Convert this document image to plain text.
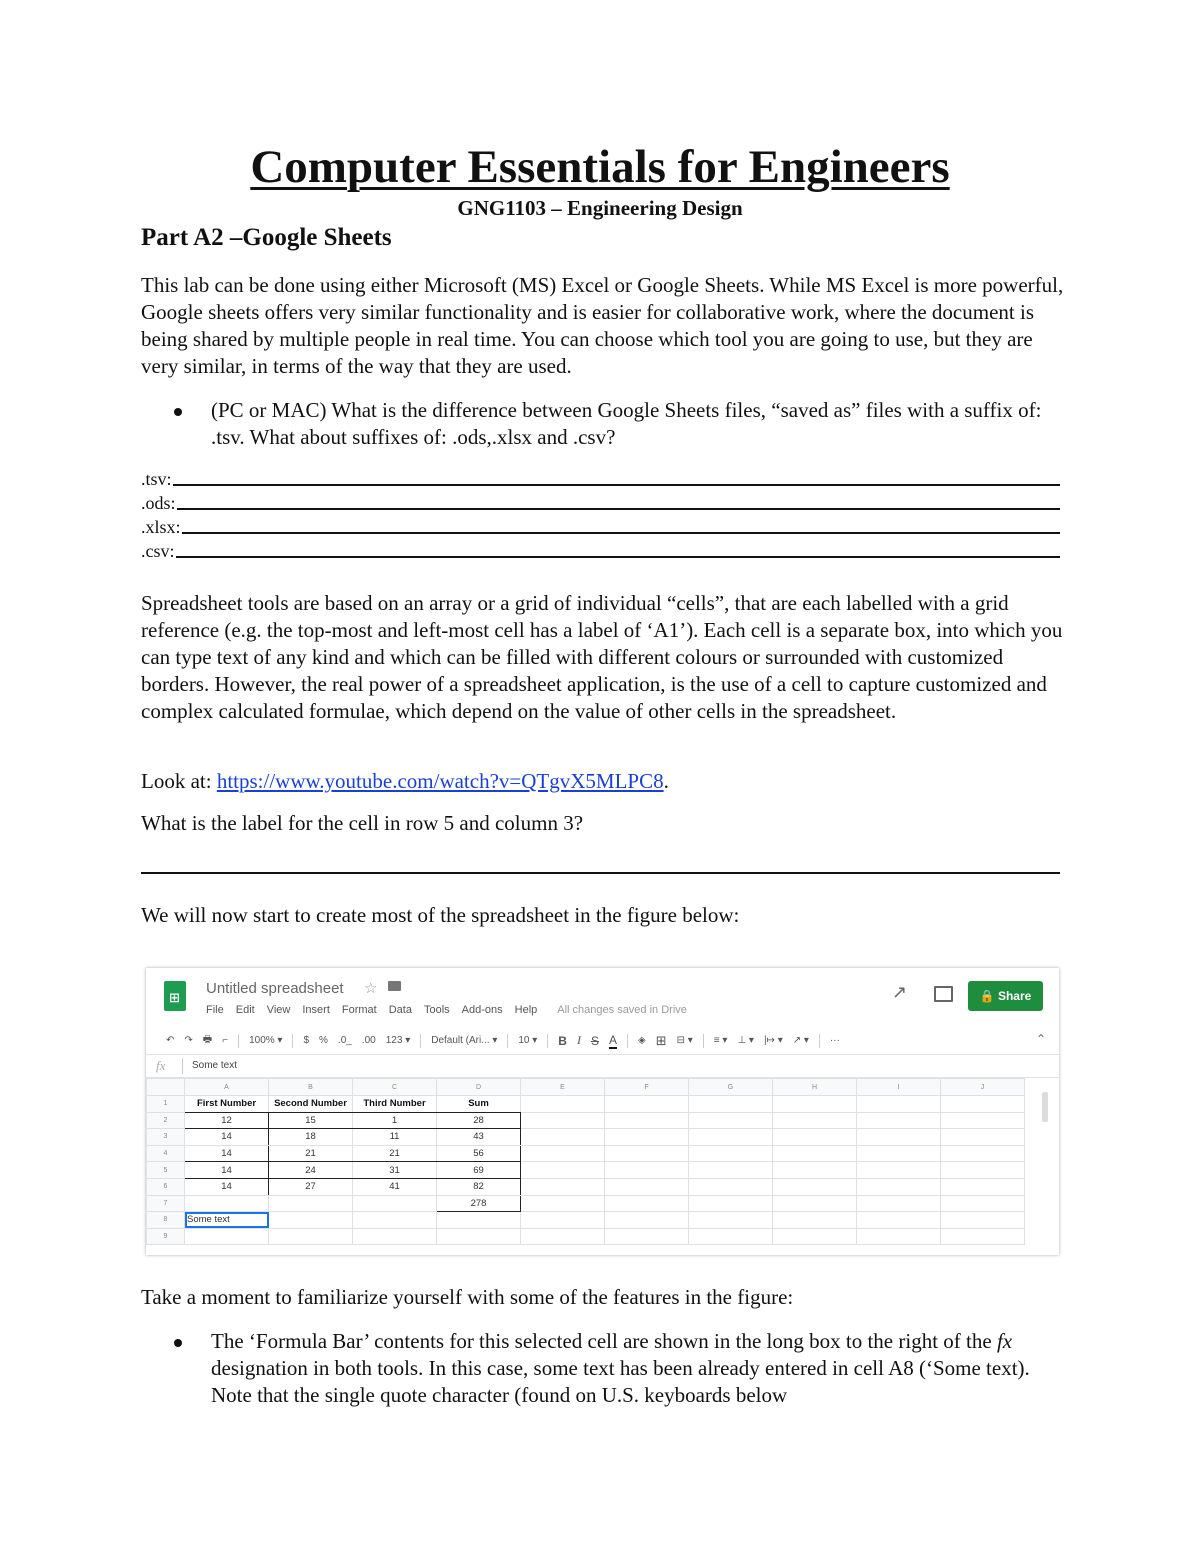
Computer Essentials for Engineers
GNG1103 – Engineering Design
Part A2 –Google Sheets
This lab can be done using either Microsoft (MS) Excel or Google Sheets. While MS Excel is more powerful, Google sheets offers very similar functionality and is easier for collaborative work, where the document is being shared by multiple people in real time. You can choose which tool you are going to use, but they are very similar, in terms of the way that they are used.
(PC or MAC) What is the difference between Google Sheets files, “saved as” files with a suffix of: .tsv. What about suffixes of: .ods,.xlsx and .csv?
.tsv:
.ods:
.xlsx:
.csv:
Spreadsheet tools are based on an array or a grid of individual “cells”, that are each labelled with a grid reference (e.g. the top-most and left-most cell has a label of ‘A1’). Each cell is a separate box, into which you can type text of any kind and which can be filled with different colours or surrounded with customized borders. However, the real power of a spreadsheet application, is the use of a cell to capture customized and complex calculated formulae, which depend on the value of other cells in the spreadsheet.
Look at: https://www.youtube.com/watch?v=QTgvX5MLPC8.
What is the label for the cell in row 5 and column 3?
We will now start to create most of the spreadsheet in the figure below:
⊞
Untitled spreadsheet ☆
File Edit View Insert Format Data Tools Add-ons Help All changes saved in Drive
↗	🔒 Share
↶ ↷ 🖶 ⌐ 100% ▾ $ % .0_ .00 123 ▾ Default (Ari... ▾ 10 ▾ B I S A ◈ ⊞ ⊟ ▾ ≡ ▾ ⊥ ▾ |↦ ▾ ↗ ▾ ···	⌃
fx	Some text
	A	B	C	D	E	F	G	H	I	J
1	First Number	Second Number	Third Number	Sum						
2	12	15	1	28						
3	14	18	11	43						
4	14	21	21	56						
5	14	24	31	69						
6	14	27	41	82						
7				278						
8	Some text									
9										
Take a moment to familiarize yourself with some of the features in the figure:
The ‘Formula Bar’ contents for this selected cell are shown in the long box to the right of the fx designation in both tools. In this case, some text has been already entered in cell A8 (‘Some text). Note that the single quote character (found on U.S. keyboards below
